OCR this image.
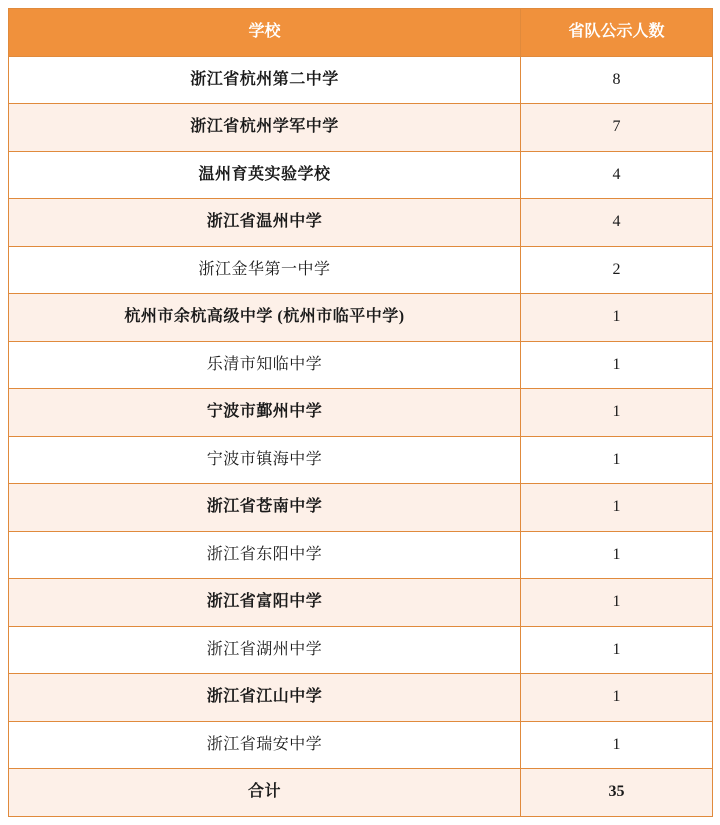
学校	省队公示人数
浙江省杭州第二中学	8
浙江省杭州学军中学	7
温州育英实验学校	4
浙江省温州中学	4
浙江金华第一中学	2
杭州市余杭高级中学 (杭州市临平中学)	1
乐清市知临中学	1
宁波市鄞州中学	1
宁波市镇海中学	1
浙江省苍南中学	1
浙江省东阳中学	1
浙江省富阳中学	1
浙江省湖州中学	1
浙江省江山中学	1
浙江省瑞安中学	1
合计	35
